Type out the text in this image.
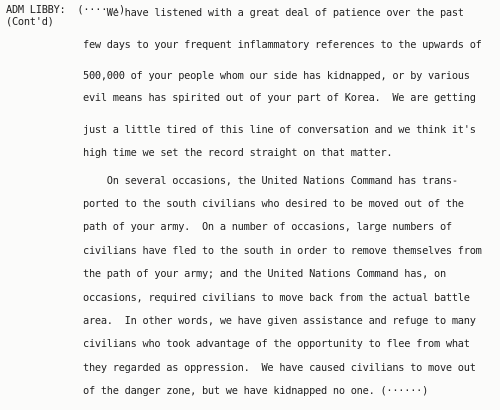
ADM LIBBY:  (······)

(Cont'd)

We have listened with a great deal of patience over the past

few days to your frequent inflammatory references to the upwards of

500,000 of your people whom our side has kidnapped, or by various

evil means has spirited out of your part of Korea.  We are getting

just a little tired of this line of conversation and we think it's

high time we set the record straight on that matter.

On several occasions, the United Nations Command has trans-

ported to the south civilians who desired to be moved out of the

path of your army.  On a number of occasions, large numbers of

civilians have fled to the south in order to remove themselves from

the path of your army; and the United Nations Command has, on

occasions, required civilians to move back from the actual battle

area.  In other words, we have given assistance and refuge to many

civilians who took advantage of the opportunity to flee from what

they regarded as oppression.  We have caused civilians to move out

of the danger zone, but we have kidnapped no one. (······)
